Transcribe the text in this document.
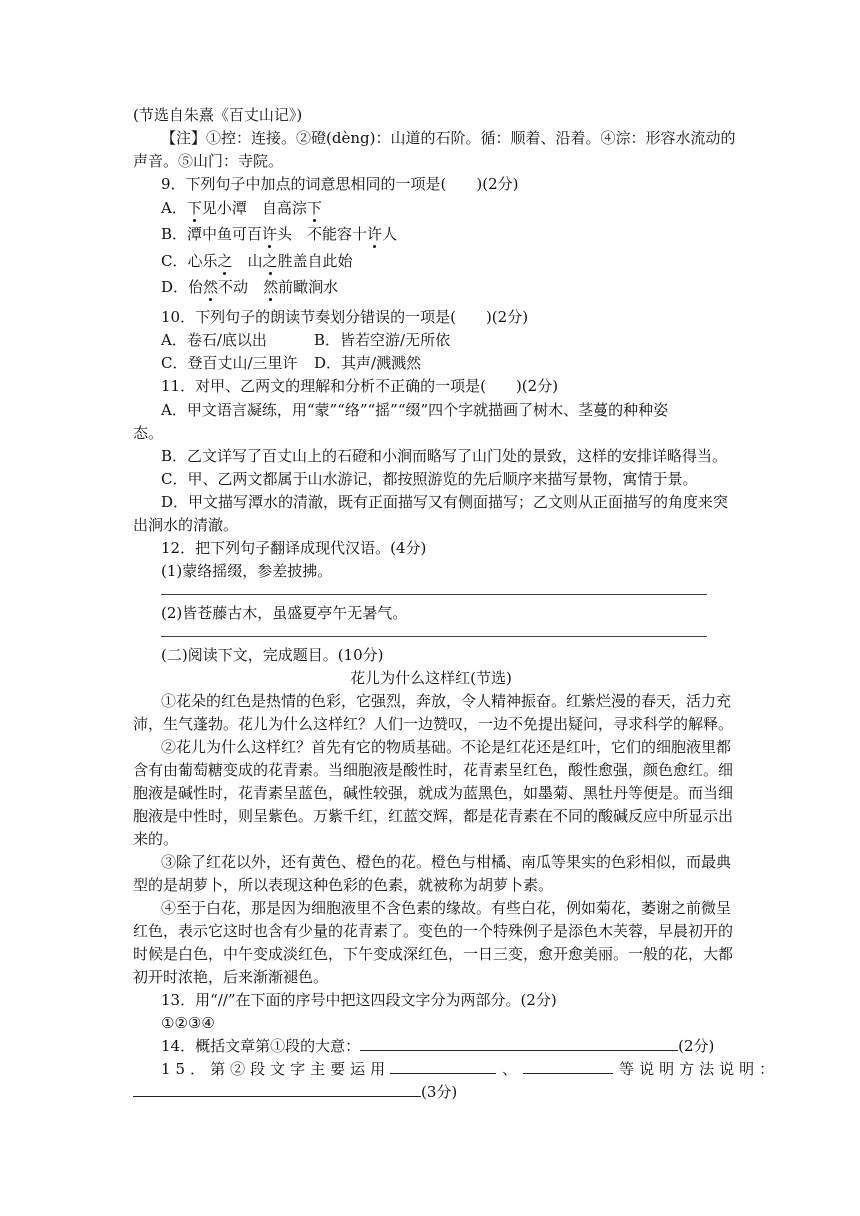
(节选自朱熹《百丈山记》)
【注】①控：连接。②磴(dèng)：山道的石阶。循：顺着、沿着。④淙：形容水流动的
声音。⑤山门：寺院。
9．下列句子中加点的词意思相同的一项是(　　)(2分)
A．下见小潭　自高淙下
B．潭中鱼可百许头　不能容十许人
C．心乐之　山之胜盖自此始
D．佁然不动　然前瞰涧水
10．下列句子的朗读节奏划分错误的一项是(　　)(2分)
A．卷石/底以出	B．皆若空游/无所依
C．登百丈山/三里许 D．其声/溅溅然
11．对甲、乙两文的理解和分析不正确的一项是(　　)(2分)
A．甲文语言凝练，用“蒙”“络”“摇”“缀”四个字就描画了树木、茎蔓的种种姿
态。
B．乙文详写了百丈山上的石磴和小涧而略写了山门处的景致，这样的安排详略得当。
C．甲、乙两文都属于山水游记，都按照游览的先后顺序来描写景物，寓情于景。
D．甲文描写潭水的清澈，既有正面描写又有侧面描写；乙文则从正面描写的角度来突
出涧水的清澈。
12．把下列句子翻译成现代汉语。(4分)
(1)蒙络摇缀，参差披拂。
(2)皆苍藤古木，虽盛夏亭午无暑气。
(二)阅读下文，完成题目。(10分)
花儿为什么这样红(节选)
①花朵的红色是热情的色彩，它强烈，奔放，令人精神振奋。红紫烂漫的春天，活力充
沛，生气蓬勃。花儿为什么这样红？人们一边赞叹，一边不免提出疑问，寻求科学的解释。
②花儿为什么这样红？首先有它的物质基础。不论是红花还是红叶，它们的细胞液里都
含有由葡萄糖变成的花青素。当细胞液是酸性时，花青素呈红色，酸性愈强，颜色愈红。细
胞液是碱性时，花青素呈蓝色，碱性较强，就成为蓝黑色，如墨菊、黑牡丹等便是。而当细
胞液是中性时，则呈紫色。万紫千红，红蓝交辉，都是花青素在不同的酸碱反应中所显示出
来的。
③除了红花以外，还有黄色、橙色的花。橙色与柑橘、南瓜等果实的色彩相似，而最典
型的是胡萝卜，所以表现这种色彩的色素，就被称为胡萝卜素。
④至于白花，那是因为细胞液里不含色素的缘故。有些白花，例如菊花，萎谢之前微呈
红色，表示它这时也含有少量的花青素了。变色的一个特殊例子是添色木芙蓉，早晨初开的
时候是白色，中午变成淡红色，下午变成深红色，一日三变，愈开愈美丽。一般的花，大都
初开时浓艳，后来渐渐褪色。
13．用“//”在下面的序号中把这四段文字分为两部分。(2分)
①②③④
14．概括文章第①段的大意：	(2分)
15．第②段文字主要运用	、	等说明方法说明：
(3分)
